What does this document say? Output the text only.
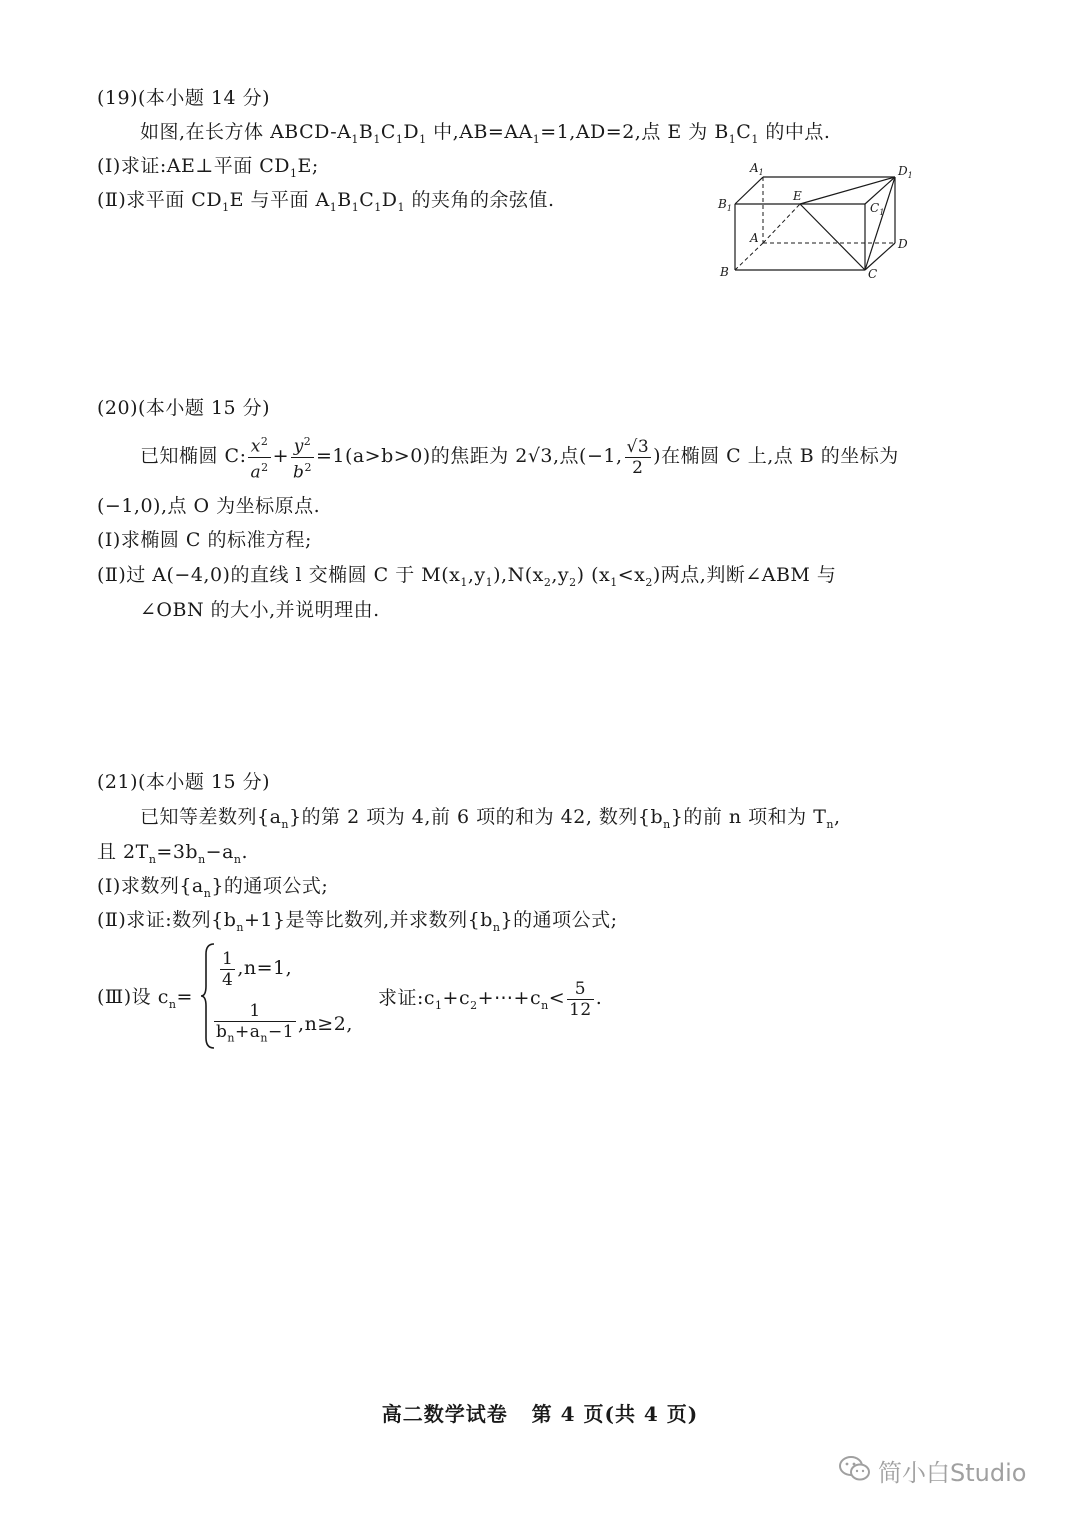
(19)(本小题 14 分)
如图,在长方体 ABCD-$A_1B_1C_1D_1$ 中$,AB=AA_1=1,AD=2$,点 E 为 $B_1C_1$ 的中点.
(Ⅰ)求证:AE⊥平面 $CD_1E$;
(Ⅱ)求平面 $CD_1E$ 与平面 $A_1B_1C_1D_1$ 的夹角的余弦值.
$A_1$	$D_1$
$B_1$
E
$C_1$
A	D
B	C
(20)(本小题 15 分)
已知椭圆 C: $\frac{x^2}{a^2} + \frac{y^2}{b^2} =1(a>b>0)$的焦距为 2√3,点(−1, $\frac{√3}{2}$ )在椭圆 C 上,点 B 的坐标为
(−1,0),点 O 为坐标原点.
(Ⅰ)求椭圆 C 的标准方程;
(Ⅱ)过 A(−4,0)的直线 l 交椭圆 C 于 $M(x_1,y_1),N(x_2,y_2)$ $(x_1<x_2)$两点,判断∠ABM 与
∠OBN 的大小,并说明理由.
(21)(本小题 15 分)
已知等差数列$\{a_n\}$的第 2 项为 4,前 6 项的和为 42, 数列$\{b_n\}$的前 n 项和为 $T_n$,
且 $2T_n=3b_n-a_n$.
(Ⅰ)求数列$\{a_n\}$的通项公式;
(Ⅱ)求证:数列$\{b_n+1\}$是等比数列,并求数列$\{b_n\}$的通项公式;
(Ⅲ)设 $c_n=$
$\frac{1}{4} ,n=1$,
$\frac{1}{b_n+a_n-1} ,n\ge 2$,
求证$:c_1+c_2+\cdots+c_n< \frac{5}{12}$ .
高二数学试卷   第 4 页(共 4 页)
简小白Studio
